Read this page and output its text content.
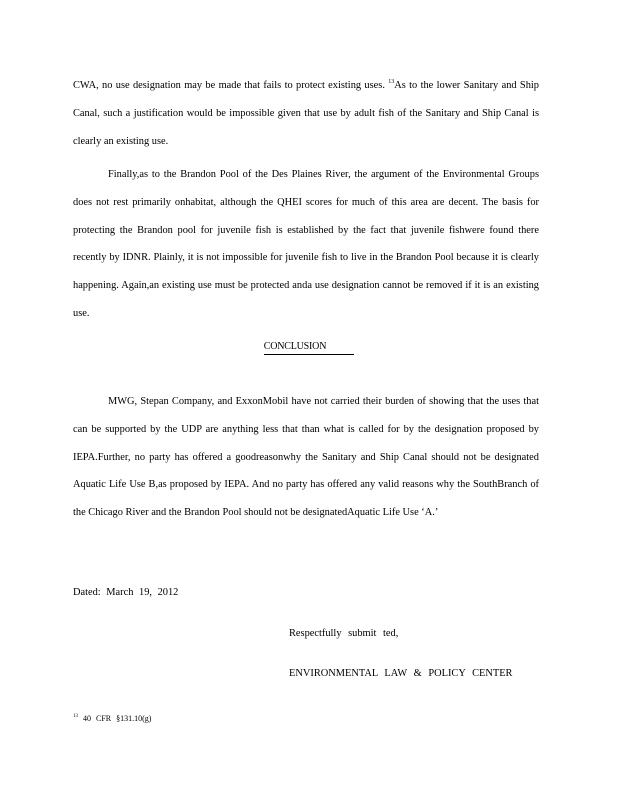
CWA, no use designation may be made that fails to protect existing uses. $^{13}$As to the lower Sanitary and Ship Canal, such a justification would be impossible given that use by adult fish of the Sanitary and Ship Canal is clearly an existing use.

Finally,as to the Brandon Pool of the Des Plaines River, the argument of the Environmental Groups does not rest primarily onhabitat, although the QHEI scores for much of this area are decent. The basis for protecting the Brandon pool for juvenile fish is established by the fact that juvenile fishwere found there recently by IDNR. Plainly, it is not impossible for juvenile fish to live in the Brandon Pool because it is clearly happening. Again,an existing use must be protected anda use designation cannot be removed if it is an existing use.

CONCLUSION

MWG, Stepan Company, and ExxonMobil have not carried their burden of showing that the uses that can be supported by the UDP are anything less that than what is called for by the designation proposed by IEPA.Further, no party has offered a goodreasonwhy the Sanitary and Ship Canal should not be designated Aquatic Life Use B,as proposed by IEPA. And no party has offered any valid reasons why the SouthBranch of the Chicago River and the Brandon Pool should not be designatedAquatic Life Use ‘A.’

Dated: March 19, 2012

Respectfully submit ted,

ENVIRONMENTAL LAW & POLICY CENTER

$^{13}$ 40 CFR §131.10(g)
